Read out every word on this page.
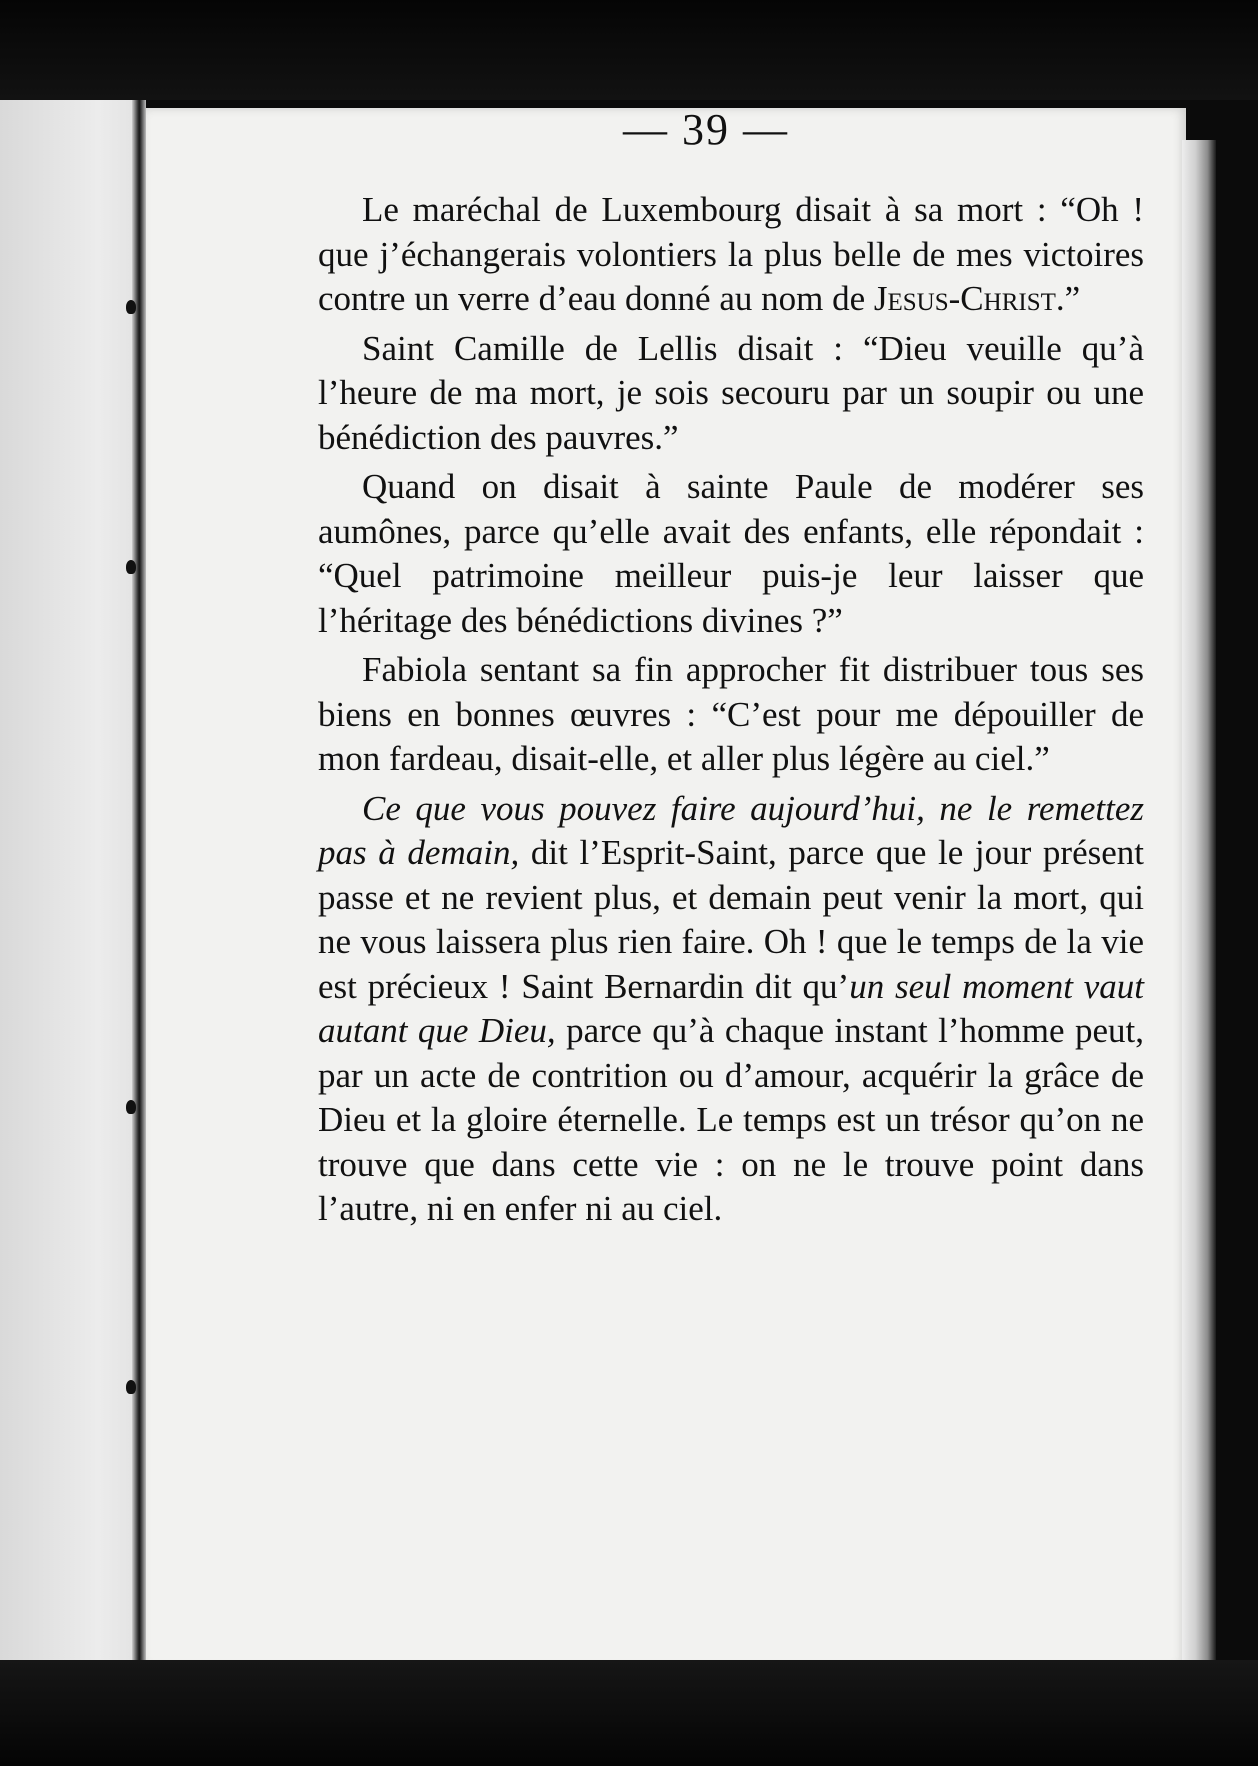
— 39 —

Le maréchal de Luxembourg disait à sa mort : “Oh ! que j’échangerais volontiers la plus belle de mes victoires contre un verre d’eau donné au nom de Jesus-Christ.”

Saint Camille de Lellis disait : “Dieu veuille qu’à l’heure de ma mort, je sois secouru par un soupir ou une bénédiction des pauvres.”

Quand on disait à sainte Paule de modérer ses aumônes, parce qu’elle avait des enfants, elle répondait : “Quel patrimoine meilleur puis-je leur laisser que l’héritage des bénédictions divines ?”

Fabiola sentant sa fin approcher fit distribuer tous ses biens en bonnes œuvres : “C’est pour me dépouiller de mon fardeau, disait-elle, et aller plus légère au ciel.”

Ce que vous pouvez faire aujourd’hui, ne le remettez pas à demain, dit l’Esprit-Saint, parce que le jour présent passe et ne revient plus, et demain peut venir la mort, qui ne vous laissera plus rien faire. Oh ! que le temps de la vie est précieux ! Saint Bernardin dit qu’un seul moment vaut autant que Dieu, parce qu’à chaque instant l’homme peut, par un acte de contrition ou d’amour, acquérir la grâce de Dieu et la gloire éternelle. Le temps est un trésor qu’on ne trouve que dans cette vie : on ne le trouve point dans l’autre, ni en enfer ni au ciel.
